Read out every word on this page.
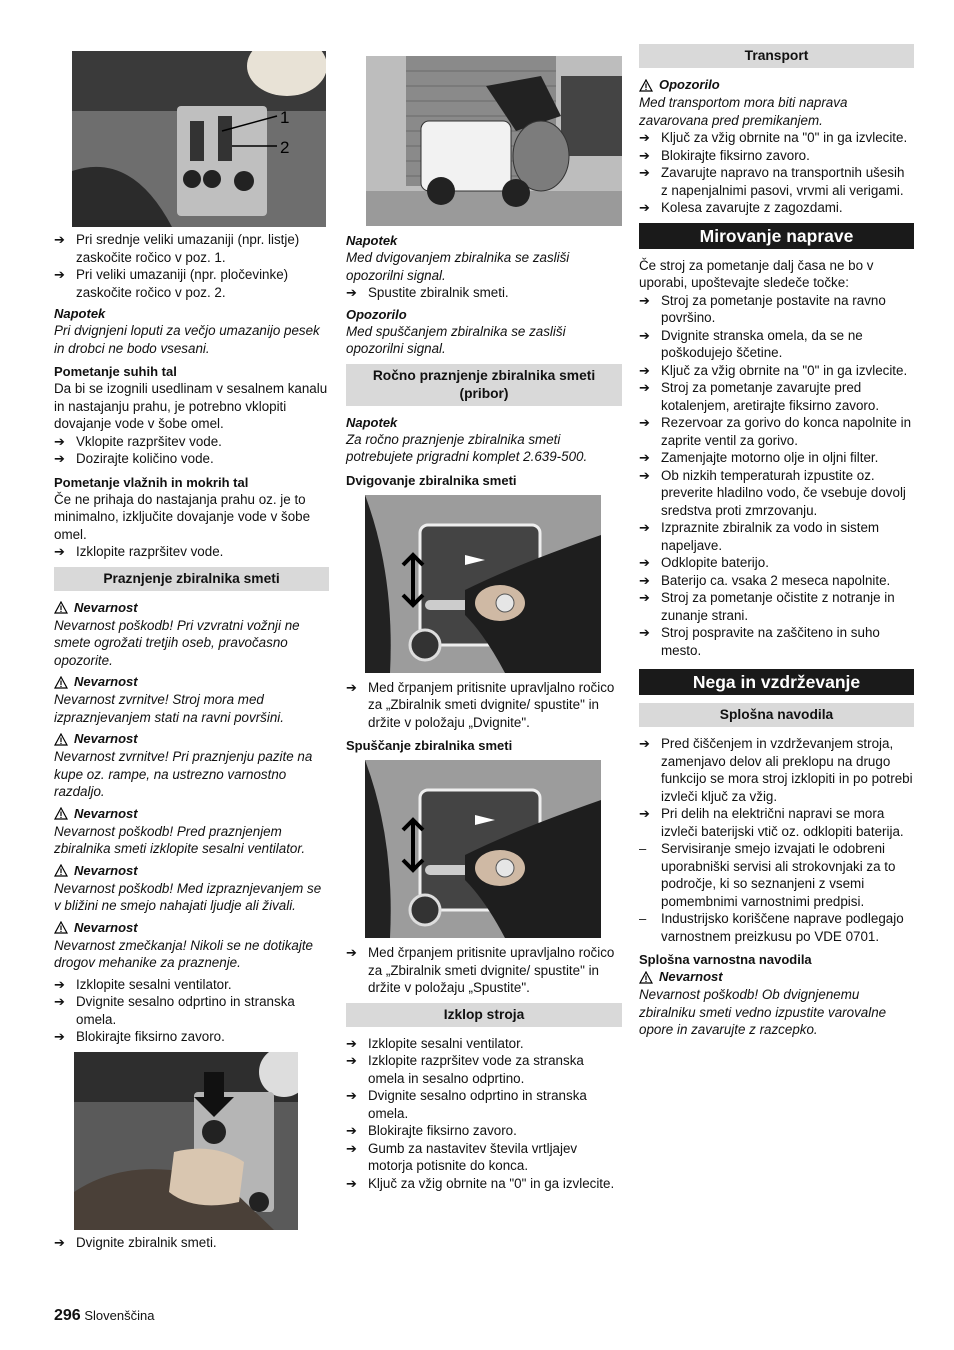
1
2
➔ Pri srednje veliki umazaniji (npr. listje) zaskočite ročico v poz. 1.
➔ Pri veliki umazaniji (npr. pločevinke) zaskočite ročico v poz. 2.

Napotek

Pri dvignjeni loputi za večjo umazanijo pesek in drobci ne bodo vsesani.

Pometanje suhih tal

Da bi se izognili usedlinam v sesalnem kanalu in nastajanju prahu, je potrebno vklopiti dovajanje vode v šobe omel.

➔ Vklopite razpršitev vode.
➔ Dozirajte količino vode.

Pometanje vlažnih in mokrih tal

Če ne prihaja do nastajanja prahu oz. je to minimalno, izključite dovajanje vode v šobe omel.

➔ Izklopite razpršitev vode.
Praznjenje zbiralnika smeti

Nevarnost

Nevarnost poškodb! Pri vzvratni vožnji ne smete ogrožati tretjih oseb, pravočasno opozorite.

Nevarnost

Nevarnost zvrnitve! Stroj mora med izpraznjevanjem stati na ravni površini.

Nevarnost

Nevarnost zvrnitve! Pri praznjenju pazite na kupe oz. rampe, na ustrezno varnostno razdaljo.

Nevarnost

Nevarnost poškodb! Pred praznjenjem zbiralnika smeti izklopite sesalni ventilator.

Nevarnost

Nevarnost poškodb! Med izpraznjevanjem se v bližini ne smejo nahajati ljudje ali živali.

Nevarnost

Nevarnost zmečkanja! Nikoli se ne dotikajte drogov mehanike za praznenje.

➔ Izklopite sesalni ventilator.
➔ Dvignite sesalno odprtino in stranska omela.
➔ Blokirajte fiksirno zavoro.
➔ Dvignite zbiralnik smeti.

Napotek

Med dvigovanjem zbiralnika se zasliši opozorilni signal.

➔ Spustite zbiralnik smeti.

Opozorilo

Med spuščanjem zbiralnika se zasliši opozorilni signal.

Ročno praznjenje zbiralnika smeti (pribor)

Napotek

Za ročno praznjenje zbiralnika smeti potrebujete prigradni komplet 2.639-500.

Dvigovanje zbiralnika smeti

➔ Med črpanjem pritisnite upravljalno ročico za „Zbiralnik smeti dvignite/ spustite" in držite v položaju „Dvignite".

Spuščanje zbiralnika smeti

➔ Med črpanjem pritisnite upravljalno ročico za „Zbiralnik smeti dvignite/ spustite" in držite v položaju „Spustite".
Izklop stroja
➔ Izklopite sesalni ventilator.
➔ Izklopite razpršitev vode za stranska omela in sesalno odprtino.
➔ Dvignite sesalno odprtino in stranska omela.
➔ Blokirajte fiksirno zavoro.
➔ Gumb za nastavitev števila vrtljajev motorja potisnite do konca.
➔ Ključ za vžig obrnite na "0" in ga izvlecite.
Transport

Opozorilo

Med transportom mora biti naprava zavarovana pred premikanjem.

➔ Ključ za vžig obrnite na "0" in ga izvlecite.
➔ Blokirajte fiksirno zavoro.
➔ Zavarujte napravo na transportnih ušesih z napenjalnimi pasovi, vrvmi ali verigami.
➔ Kolesa zavarujte z zagozdami.
Mirovanje naprave

Če stroj za pometanje dalj časa ne bo v uporabi, upoštevajte sledeče točke:

➔ Stroj za pometanje postavite na ravno površino.
➔ Dvignite stranska omela, da se ne poškodujejo ščetine.
➔ Ključ za vžig obrnite na "0" in ga izvlecite.
➔ Stroj za pometanje zavarujte pred kotalenjem, aretirajte fiksirno zavoro.
➔ Rezervoar za gorivo do konca napolnite in zaprite ventil za gorivo.
➔ Zamenjajte motorno olje in oljni filter.
➔ Ob nizkih temperaturah izpustite oz. preverite hladilno vodo, če vsebuje dovolj sredstva proti zmrzovanju.
➔ Izpraznite zbiralnik za vodo in sistem napeljave.
➔ Odklopite baterijo.
➔ Baterijo ca. vsaka 2 meseca napolnite.
➔ Stroj za pometanje očistite z notranje in zunanje strani.
➔ Stroj pospravite na zaščiteno in suho mesto.
Nega in vzdrževanje
Splošna navodila
➔ Pred čiščenjem in vzdrževanjem stroja, zamenjavo delov ali preklopu na drugo funkcijo se mora stroj izklopiti in po potrebi izvleči ključ za vžig.
➔ Pri delih na električni napravi se mora izvleči baterijski vtič oz. odklopiti baterija.
–	Servisiranje smejo izvajati le odobreni uporabniški servisi ali strokovnjaki za to področje, ki so seznanjeni z vsemi pomembnimi varnostnimi predpisi.
–	Industrijsko koriščene naprave podlegajo varnostnem preizkusu po VDE 0701.

Splošna varnostna navodila

Nevarnost

Nevarnost poškodb! Ob dvignjenemu zbiralniku smeti vedno izpustite varovalne opore in zavarujte z razcepko.

296 Slovenščina
